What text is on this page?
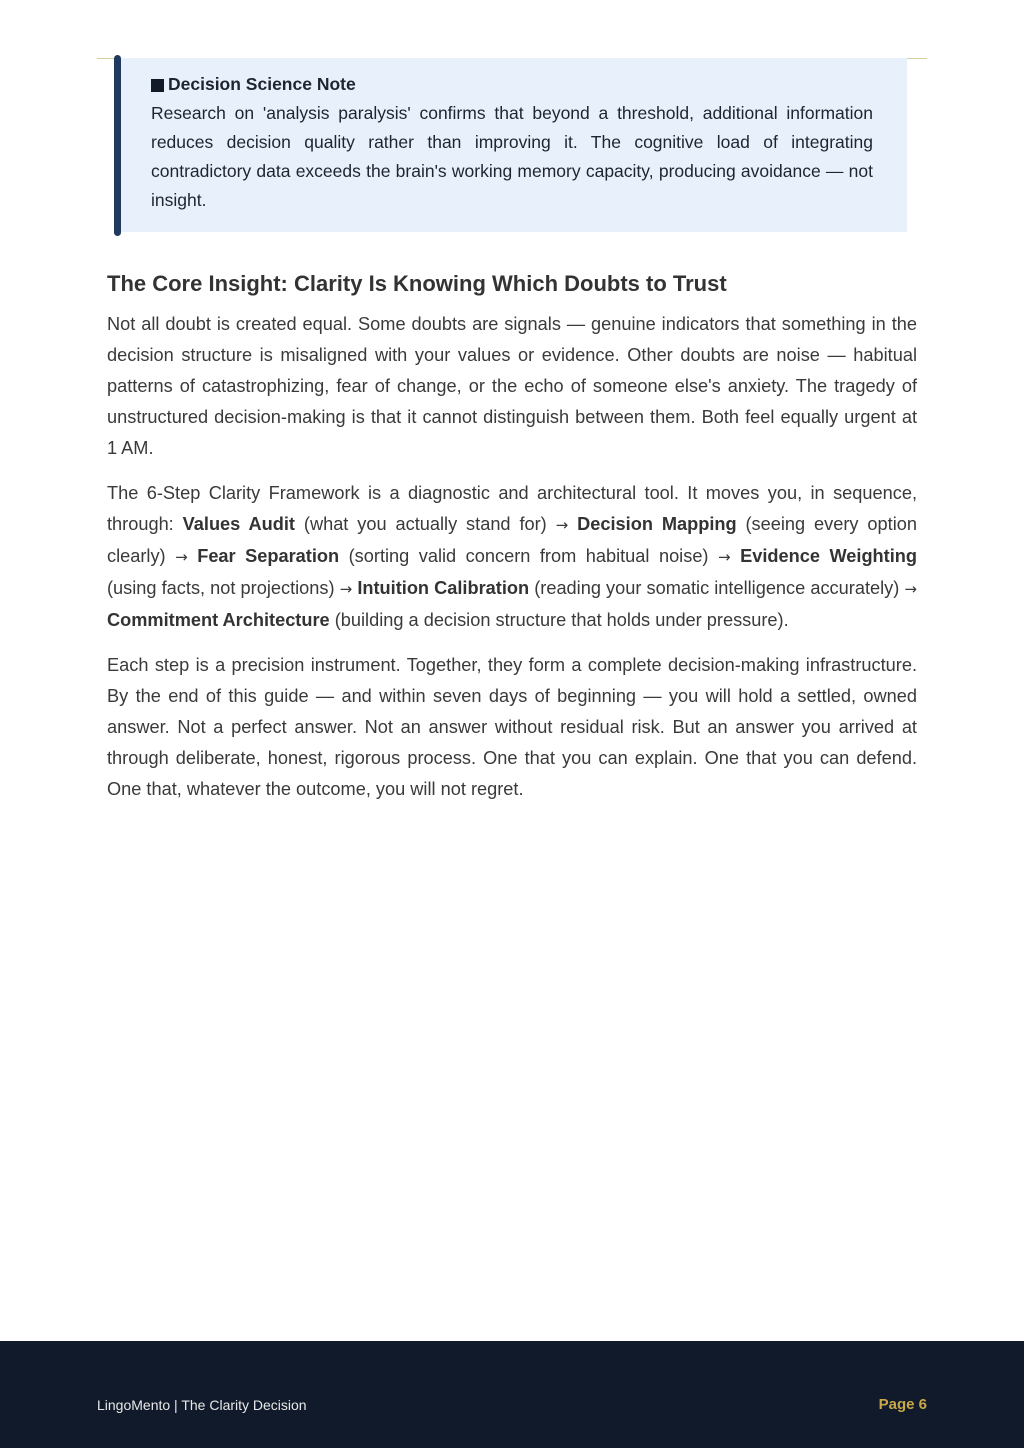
Decision Science Note

Research on 'analysis paralysis' confirms that beyond a threshold, additional information reduces decision quality rather than improving it. The cognitive load of integrating contradictory data exceeds the brain's working memory capacity, producing avoidance — not insight.

The Core Insight: Clarity Is Knowing Which Doubts to Trust

Not all doubt is created equal. Some doubts are signals — genuine indicators that something in the decision structure is misaligned with your values or evidence. Other doubts are noise — habitual patterns of catastrophizing, fear of change, or the echo of someone else's anxiety. The tragedy of unstructured decision-making is that it cannot distinguish between them. Both feel equally urgent at 1 AM.

The 6-Step Clarity Framework is a diagnostic and architectural tool. It moves you, in sequence, through: Values Audit (what you actually stand for) → Decision Mapping (seeing every option clearly) → Fear Separation (sorting valid concern from habitual noise) → Evidence Weighting (using facts, not projections) → Intuition Calibration (reading your somatic intelligence accurately) → Commitment Architecture (building a decision structure that holds under pressure).

Each step is a precision instrument. Together, they form a complete decision-making infrastructure. By the end of this guide — and within seven days of beginning — you will hold a settled, owned answer. Not a perfect answer. Not an answer without residual risk. But an answer you arrived at through deliberate, honest, rigorous process. One that you can explain. One that you can defend. One that, whatever the outcome, you will not regret.

LingoMento | The Clarity Decision	Page 6
